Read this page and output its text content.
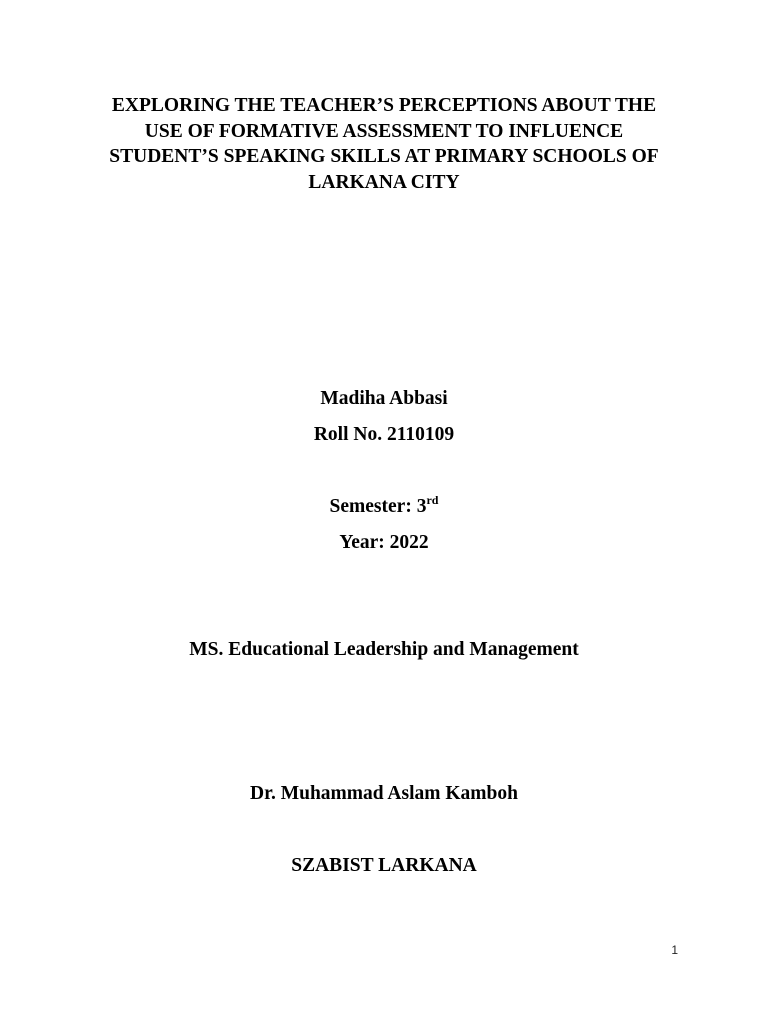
EXPLORING THE TEACHER’S PERCEPTIONS ABOUT THE
USE OF FORMATIVE ASSESSMENT TO INFLUENCE
STUDENT’S SPEAKING SKILLS AT PRIMARY SCHOOLS OF
LARKANA CITY
Madiha Abbasi
Roll No. 2110109
Semester: 3rd
Year: 2022
MS. Educational Leadership and Management
Dr. Muhammad Aslam Kamboh
SZABIST LARKANA
1
